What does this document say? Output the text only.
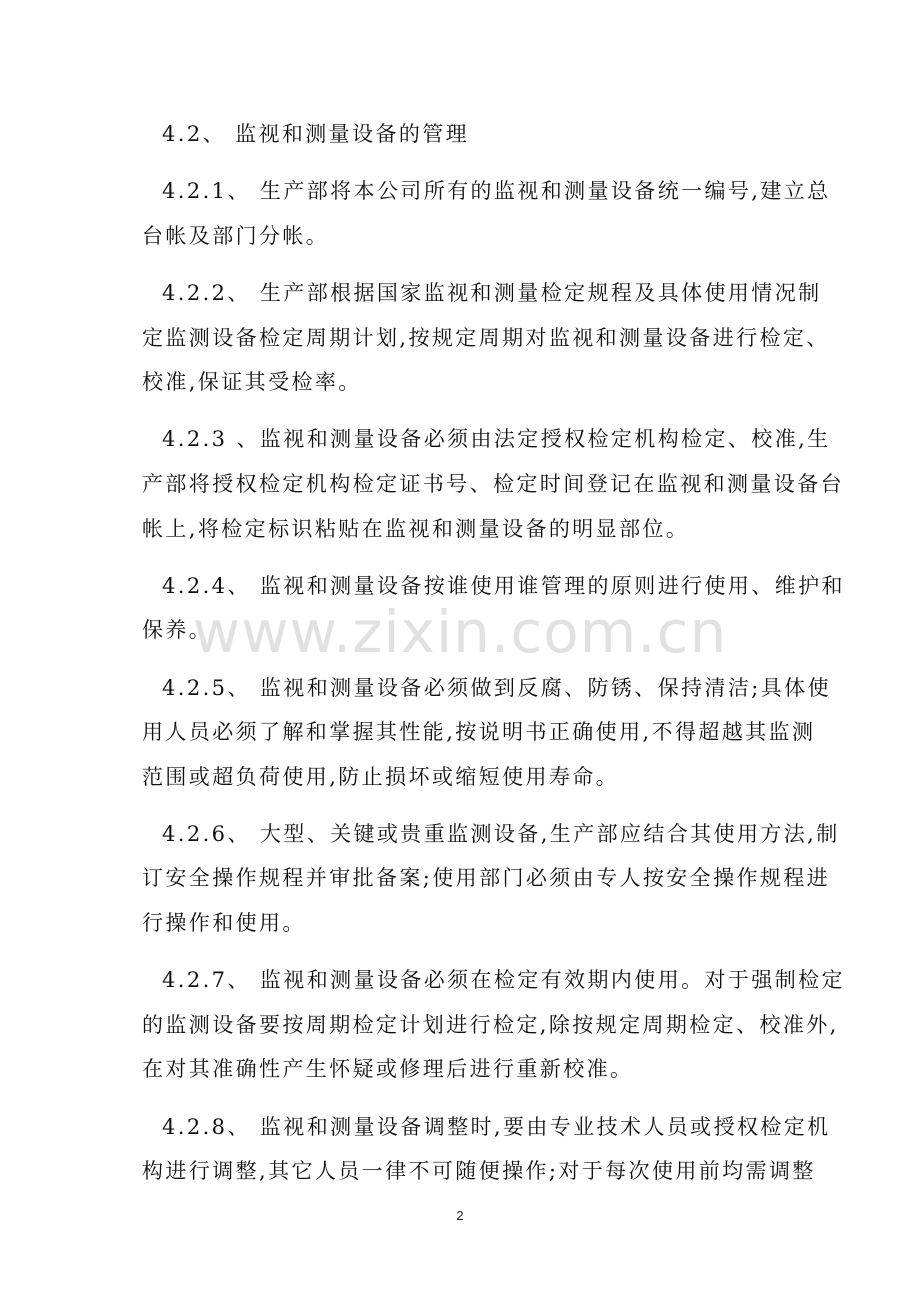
4.2、 监视和测量设备的管理
4.2.1、 生产部将本公司所有的监视和测量设备统一编号,建立总
台帐及部门分帐。
4.2.2、 生产部根据国家监视和测量检定规程及具体使用情况制
定监测设备检定周期计划,按规定周期对监视和测量设备进行检定、
校准,保证其受检率。
4.2.3 、监视和测量设备必须由法定授权检定机构检定、校准,生
产部将授权检定机构检定证书号、检定时间登记在监视和测量设备台
帐上,将检定标识粘贴在监视和测量设备的明显部位。
4.2.4、 监视和测量设备按谁使用谁管理的原则进行使用、维护和
保养。
4.2.5、 监视和测量设备必须做到反腐、防锈、保持清洁;具体使
用人员必须了解和掌握其性能,按说明书正确使用,不得超越其监测
范围或超负荷使用,防止损坏或缩短使用寿命。
4.2.6、 大型、关键或贵重监测设备,生产部应结合其使用方法,制
订安全操作规程并审批备案;使用部门必须由专人按安全操作规程进
行操作和使用。
4.2.7、 监视和测量设备必须在检定有效期内使用。对于强制检定
的监测设备要按周期检定计划进行检定,除按规定周期检定、校准外,
在对其准确性产生怀疑或修理后进行重新校准。
4.2.8、 监视和测量设备调整时,要由专业技术人员或授权检定机
构进行调整,其它人员一律不可随便操作;对于每次使用前均需调整
www.zixin.com.cn
2
